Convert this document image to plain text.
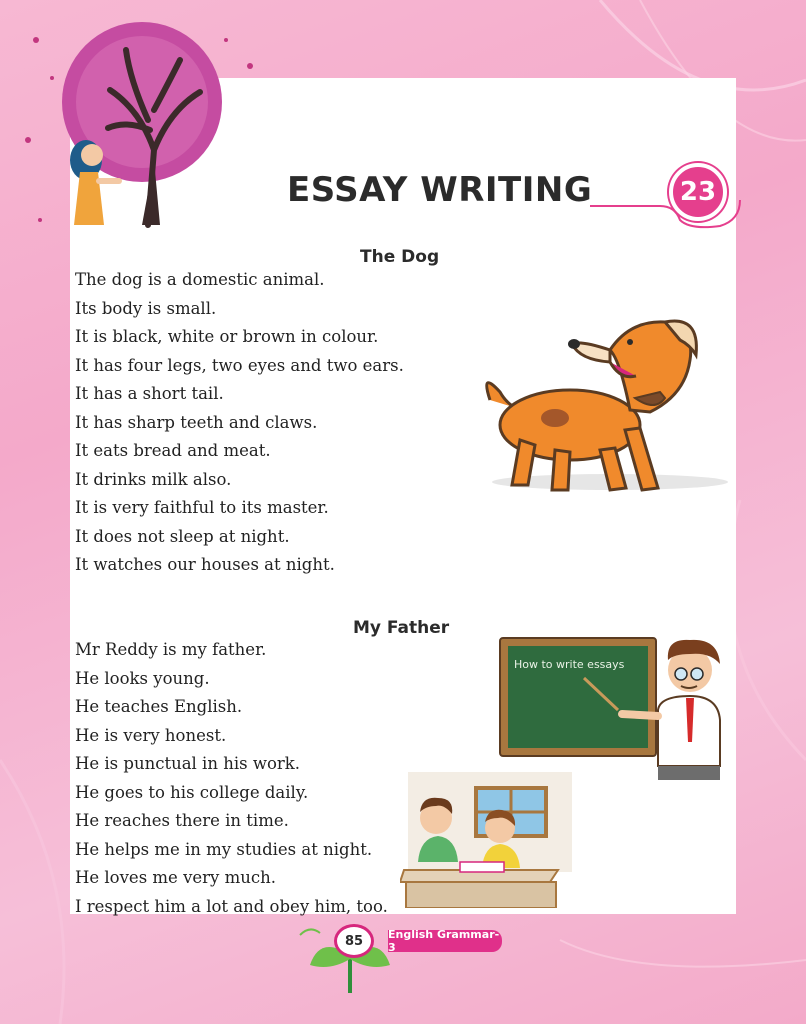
ESSAY WRITING	23
The Dog
The dog is a domestic animal.
Its body is small.
It is black, white or brown in colour.
It has four legs, two eyes and two ears.
It has a short tail.
It has sharp teeth and claws.
It eats bread and meat.
It drinks milk also.
It is very faithful to its master.
It does not sleep at night.
It watches our houses at night.
My Father
Mr Reddy is my father.
He looks young.
He teaches English.
He is very honest.
He is punctual in his work.
He goes to his college daily.
He reaches there in time.
He helps me in my studies at night.
He loves me very much.
I respect him a lot and obey him, too.
How to write essays
85	English Grammar-3
